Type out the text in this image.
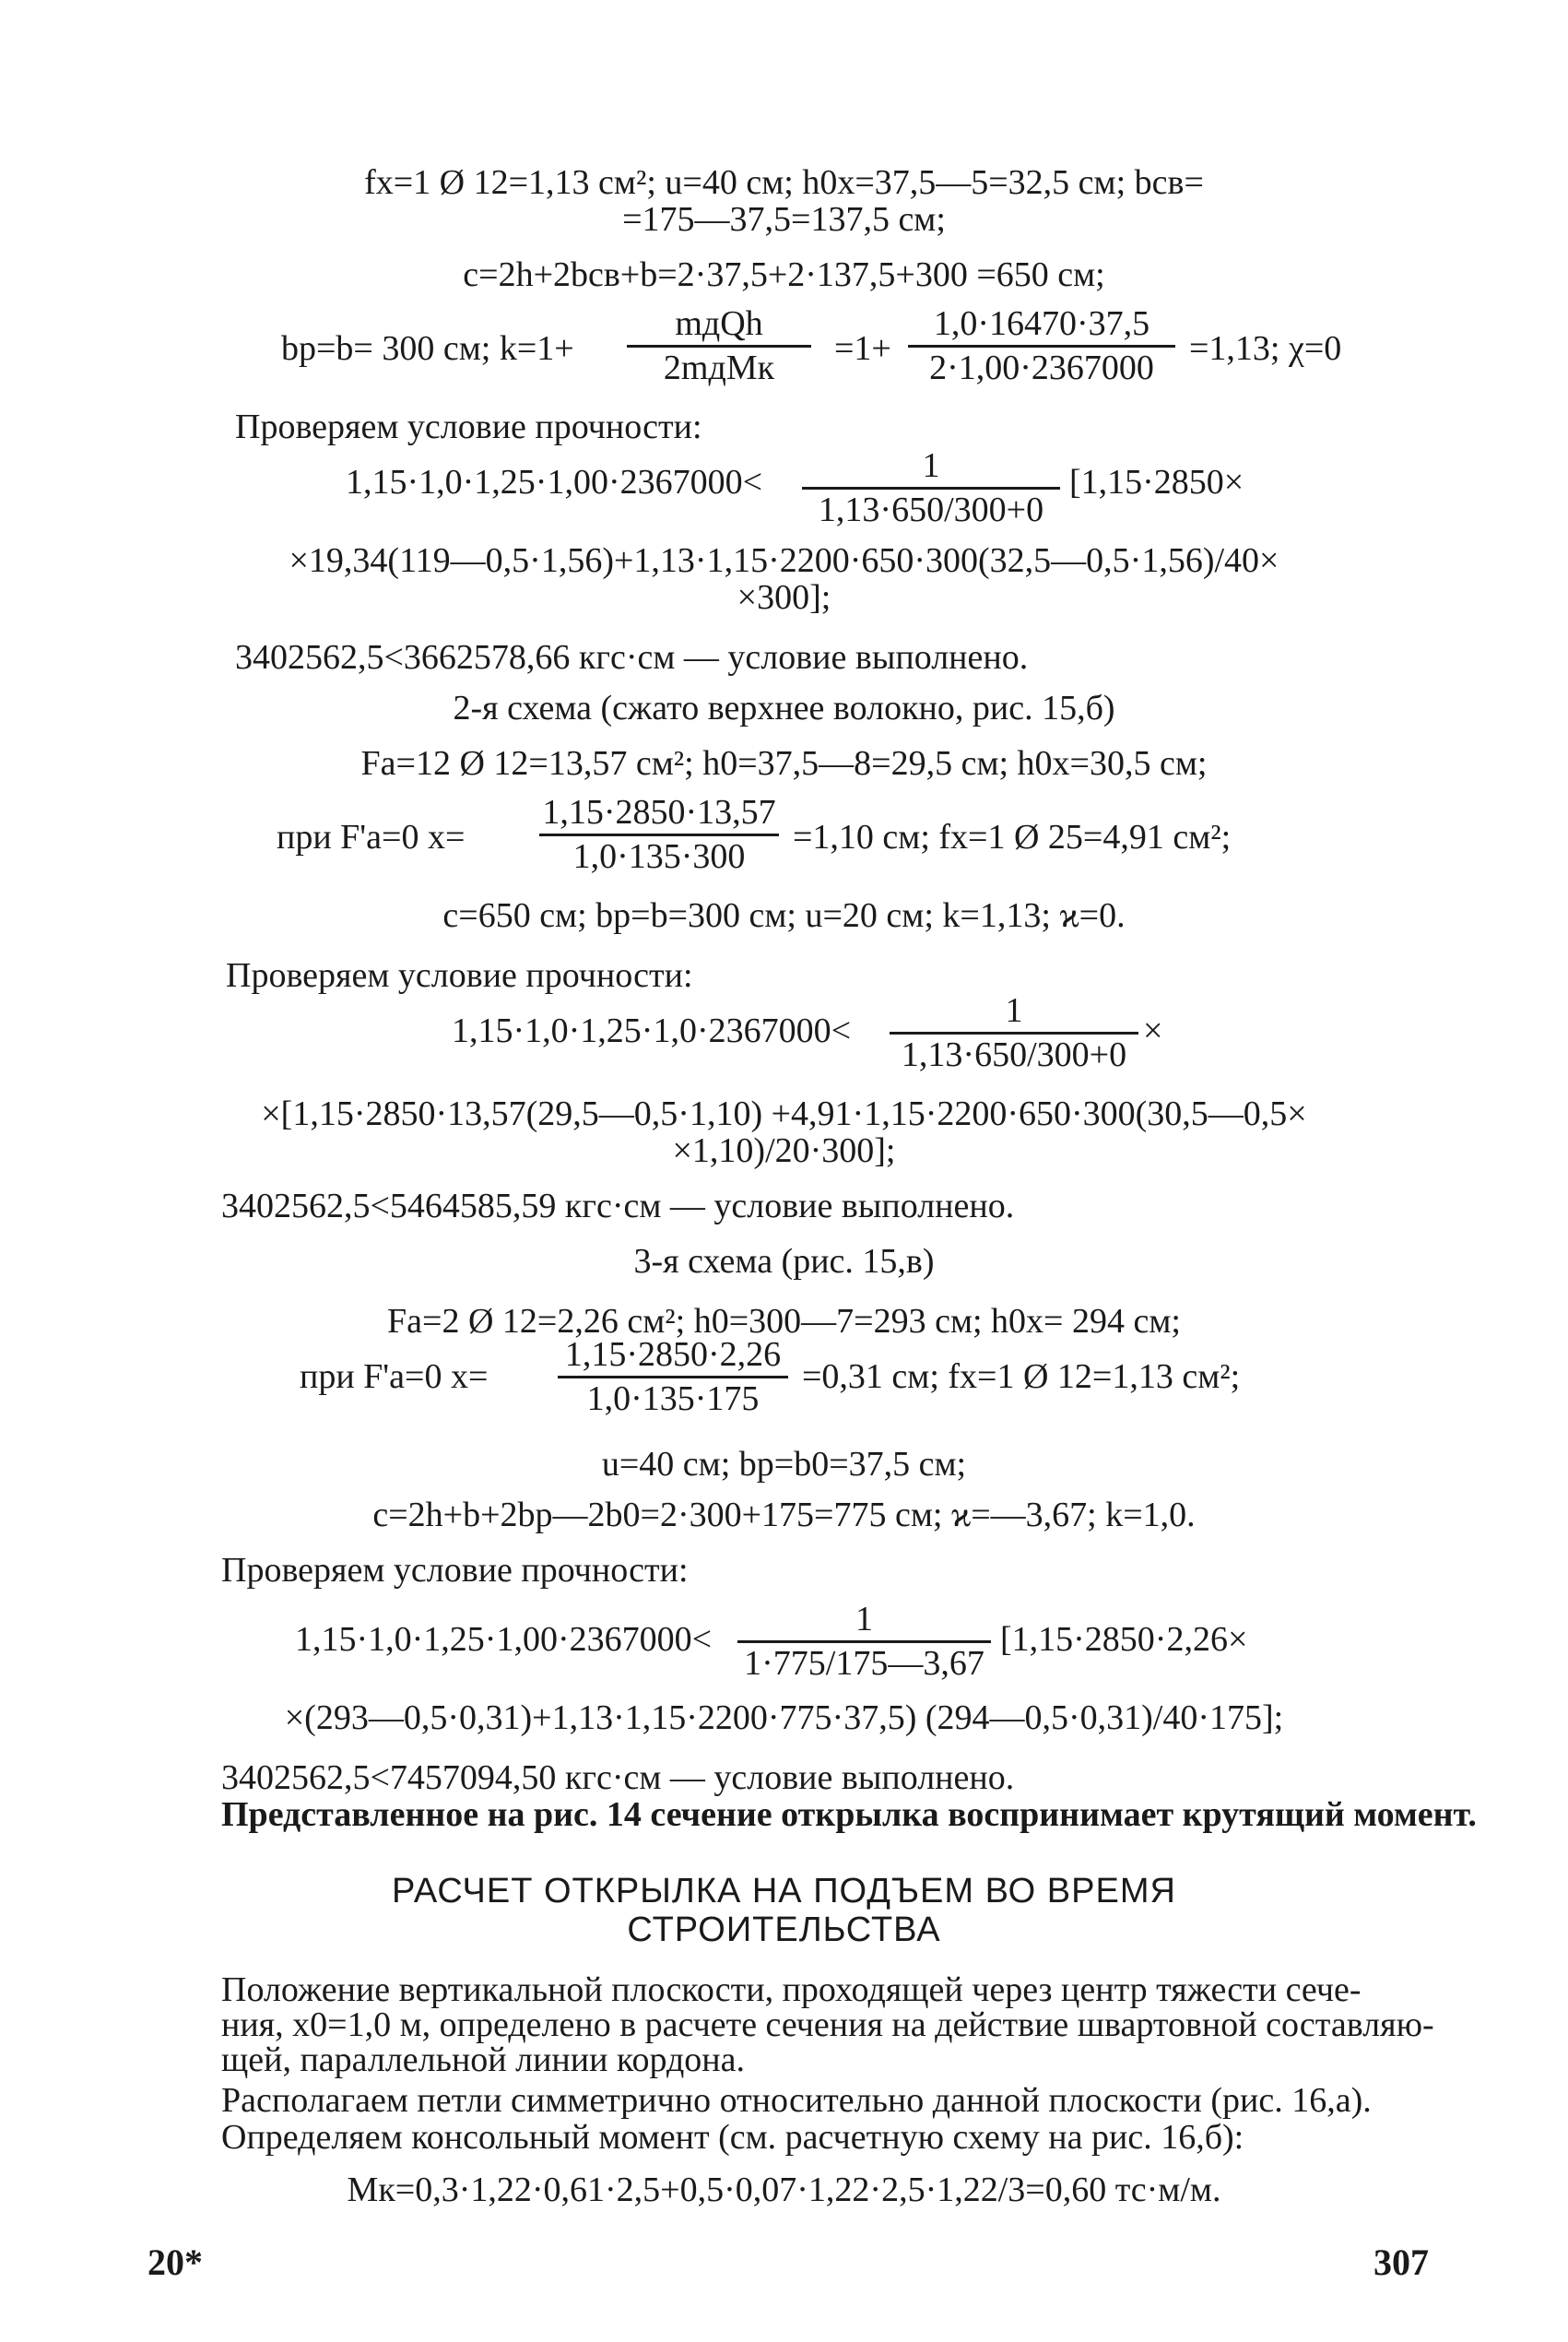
fx=1 Ø 12=1,13 см²; u=40 см; h0x=37,5—5=32,5 см; bсв=
=175—37,5=137,5 см;
c=2h+2bсв+b=2·37,5+2·137,5+300 =650 см;
bp=b= 300 см; k=1+
mдQh
2mдMк	=1+
1,0·16470·37,5
2·1,00·2367000	=1,13; χ=0
Проверяем условие прочности:
1,15·1,0·1,25·1,00·2367000<	1
1,13·650/300+0
[1,15·2850×
×19,34(119—0,5·1,56)+1,13·1,15·2200·650·300(32,5—0,5·1,56)/40×
×300];
3402562,5<3662578,66 кгс·см — условие выполнено.
2-я схема (сжато верхнее волокно, рис. 15,б)
Fa=12 Ø 12=13,57 см²; h0=37,5—8=29,5 см; h0x=30,5 см;
при F'a=0 x=
1,15·2850·13,57
1,0·135·300	=1,10 см; fx=1 Ø 25=4,91 см²;
c=650 см; bp=b=300 см; u=20 см; k=1,13; ϰ=0.
Проверяем условие прочности:
1,15·1,0·1,25·1,0·2367000<
1
1,13·650/300+0
×
×[1,15·2850·13,57(29,5—0,5·1,10) +4,91·1,15·2200·650·300(30,5—0,5×
×1,10)/20·300];
3402562,5<5464585,59 кгс·см — условие выполнено.
3-я схема (рис. 15,в)
Fa=2 Ø 12=2,26 см²; h0=300—7=293 см; h0x= 294 см;
при F'a=0 x=
1,15·2850·2,26
1,0·135·175
=0,31 см; fx=1 Ø 12=1,13 см²;
u=40 см; bp=b0=37,5 см;
c=2h+b+2bp—2b0=2·300+175=775 см; ϰ=—3,67; k=1,0.
Проверяем условие прочности:
1,15·1,0·1,25·1,00·2367000<
1
1·775/175—3,67
[1,15·2850·2,26×
×(293—0,5·0,31)+1,13·1,15·2200·775·37,5) (294—0,5·0,31)/40·175];
3402562,5<7457094,50 кгс·см — условие выполнено.
Представленное на рис. 14 сечение открылка воспринимает крутящий момент.
РАСЧЕТ ОТКРЫЛКА НА ПОДЪЕМ ВО ВРЕМЯ
СТРОИТЕЛЬСТВА
Положение вертикальной плоскости, проходящей через центр тяжести сече-
ния, x0=1,0 м, определено в расчете сечения на действие швартовной составляю-
щей, параллельной линии кордона.
Располагаем петли симметрично относительно данной плоскости (рис. 16,а).
Определяем консольный момент (см. расчетную схему на рис. 16,б):
Mк=0,3·1,22·0,61·2,5+0,5·0,07·1,22·2,5·1,22/3=0,60 тс·м/м.
20*	307
